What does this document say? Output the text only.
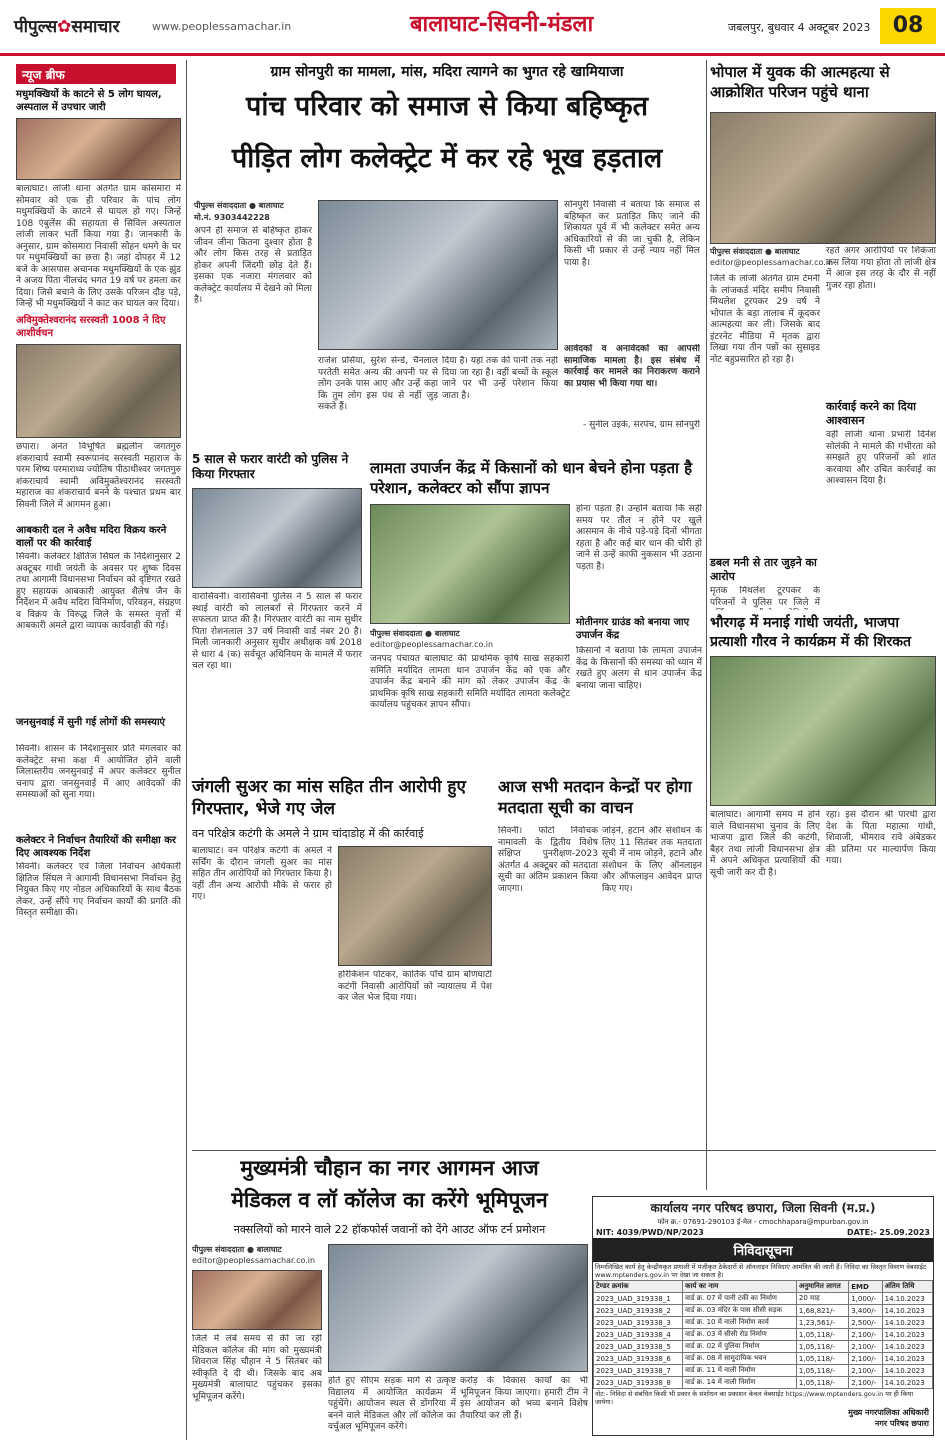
पीपुल्स✿समाचार	www.peoplessamachar.in	बालाघाट-सिवनी-मंडला	जबलपुर, बुधवार 4 अक्टूबर 2023	08
न्यूज ब्रीफ
मधुमक्खियों के काटने से 5 लोग घायल, अस्पताल में उपचार जारी
बालाघाट। लांजी थाना अंतर्गत ग्राम कोसमारा में सोमवार को एक ही परिवार के पांच लोग मधुमक्खियों के काटने से घायल हो गए। जिन्हें 108 एंबुलेंस की सहायता से सिविल अस्पताल लांजी लाकर भर्ती किया गया है। जानकारी के अनुसार, ग्राम कोसमारा निवासी सोहन धमगे के घर पर मधुमक्खियों का छत्ता है। जहां दोपहर में 12 बजे के आसपास अचानक मधुमक्खियों के एक झुंड ने अजय पिता नीलचंद भगत 19 वर्ष पर हमला कर दिया। जिसे बचाने के लिए उसके परिजन दौड़ पड़े, जिन्हें भी मधुमक्खियों ने काट कर घायल कर दिया।
अविमुक्तेश्वरानंद सरस्वती 1008 ने दिए आशीर्वचन
छपारा। अनंत विभूषित ब्रह्मलीन जगतगुरु शंकराचार्य स्वामी स्वरूपानंद सरस्वती महाराज के परम शिष्य परमाराध्य ज्योतिष पीठाधीश्वर जगतगुरु शंकराचार्य स्वामी अविमुक्तेश्वरानंद सरस्वती महाराज का शंकराचार्य बनने के पश्चात प्रथम बार सिवनी जिले में आगमन हुआ।
आबकारी दल ने अवैध मदिरा विक्रय करने वालों पर की कार्रवाई
सिवनी। कलेक्टर क्षितिज सिंघल के निर्देशानुसार 2 अक्टूबर गांधी जयंती के अवसर पर शुष्क दिवस तथा आगामी विधानसभा निर्वाचन को दृष्टिगत रखते हुए सहायक आबकारी आयुक्त शैलेष जैन के निर्देशन में अवैध मदिरा विनिर्माण, परिवहन, संग्रहण व विक्रय के विरुद्ध जिले के समस्त वृत्तों में आबकारी अमले द्वारा व्यापक कार्यवाही की गई।
जनसुनवाई में सुनी गई लोगों की समस्याएं
सिवनी। शासन के निर्देशानुसार प्रति मंगलवार को कलेक्ट्रेट सभा कक्ष में आयोजित होने वाली जिलास्तरीय जनसुनवाई में अपर कलेक्टर सुनील चनाप द्वारा जनसुनवाई में आए आवेदकों की समस्याओं को सुना गया।
कलेक्टर ने निर्वाचन तैयारियों की समीक्षा कर दिए आवश्यक निर्देश
सिवनी। कलेक्टर एवं जिला निर्वाचन अधिकारी क्षितिज सिंघल ने आगामी विधानसभा निर्वाचन हेतु नियुक्त किए गए नोडल अधिकारियों के साथ बैठक लेकर, उन्हें सौंपे गए निर्वाचन कार्यों की प्रगति की विस्तृत समीक्षा की।
ग्राम सोनपुरी का मामला, मांस, मदिरा त्यागने का भुगत रहे खामियाजा
पांच परिवार को समाज से किया बहिष्कृत
पीड़ित लोग कलेक्ट्रेट में कर रहे भूख हड़ताल
पीपुल्स संवाददाता ● बालाघाट
मो.नं. 9303442228
अपने ही समाज से बहिष्कृत होकर जीवन जीना कितना दुश्वार होता है और लोग किस तरह से प्रताड़ित होकर अपनी जिंदगी छोड़ देते हैं। इसका एक नजारा मंगलवार को कलेक्ट्रेट कार्यालय में देखने को मिला है।
राजेश प्रसिया, सुरेश सेन्डे, चैनलाल परतेती समेत अन्य की अपनी पर से लोग उनके पास आए और उन्हें कहा कि तुम लोग इस पंथ से नहीं जुड़ सकते हैं।
दिया है। यहां तक की पानी तक नहीं दिया जा रहा है। वहीं बच्चों के स्कूल जाने पर भी उन्हें परेशान किया जाता है।
सोनपुरी निवासी ने बताया कि समाज से बहिष्कृत कर प्रताड़ित किए जाने की शिकायत पूर्व में भी कलेक्टर समेत अन्य अधिकारियों से की जा चुकी है, लेकिन किसी भी प्रकार से उन्हें न्याय नहीं मिल पाया है।
आवेदकों व अनावेदकों का आपसी सामाजिक मामला है। इस संबंध में कार्रवाई कर मामले का निराकरण कराने का प्रयास भी किया गया था।
- सुनील उइके, सरपंच, ग्राम सोनपुरी
5 साल से फरार वारंटी को पुलिस ने किया गिरफ्तार
वारासिवनी। वारासिवनी पुलिस ने 5 साल से फरार स्थाई वारंटी को लालबर्रा से गिरफ्तार करने में सफलता प्राप्त की है। गिरफ्तार वारंटी का नाम सुधीर पिता रोशनलाल 37 वर्ष निवासी वार्ड नंबर 20 है। मिली जानकारी अनुसार सुधीर अधीक्षक वर्ष 2018 से धारा 4 (क) सर्वचूत अधिनियम के मामले में फरार चल रहा था।
लामता उपार्जन केंद्र में किसानों को धान बेचने होना पड़ता है परेशान, कलेक्टर को सौंपा ज्ञापन
पीपुल्स संवाददाता ● बालाघाट
editor@peoplessamachar.co.in
जनपद पंचायत बालाघाट की प्राथमिक कृषि साख सहकारी समिति मर्यादित लामता धान उपार्जन केंद्र को एक और उपार्जन केंद्र बनाने की मांग को लेकर उपार्जन केंद्र के प्राथमिक कृषि साख सहकारी समिति मर्यादित लामता कलेक्ट्रेट कार्यालय पहुंचकर ज्ञापन सौंपा।
होना पड़ता है। उन्होंने बताया कि सही समय पर तौल न होने पर खुले आसमान के नीचे पड़े-पड़े दिनों भीगता रहता है और कई बार धान की चोरी हो जाने से उन्हें काफी नुकसान भी उठाना पड़ता है।
मोतीनगर ग्राउंड को बनाया जाए उपार्जन केंद्र
किसानों ने बताया कि लामता उपार्जन केंद्र के किसानों की समस्या को ध्यान में रखते हुए अलग से धान उपार्जन केंद्र बनाया जाना चाहिए।
जंगली सुअर का मांस सहित तीन आरोपी हुए गिरफ्तार, भेजे गए जेल
वन परिक्षेत्र कटंगी के अमले ने ग्राम चांदाडोह में की कार्रवाई
बालाघाट। वन परिक्षेत्र कटंगी के अमले ने सर्चिंग के दौरान जंगली सुअर का मांस सहित तीन आरोपियों को गिरफ्तार किया है। वहीं तीन अन्य आरोपी मौके से फरार हो गए।
हरिकिशन पोटकर, कार्तिक पाँचे ग्राम बोणघाटी कटंगी निवासी आरोपियों को न्यायालय में पेश कर जेल भेज दिया गया।
आज सभी मतदान केन्द्रों पर होगा मतदाता सूची का वाचन
सिवनी। फोटो निर्वाचक नामावली के द्वितीय विशेष संक्षिप्त पुनरीक्षण-2023 अंतर्गत 4 अक्टूबर को मतदाता सूची का अंतिम प्रकाशन किया जाएगा।
जोड़ने, हटाने और संशोधन के लिए 11 सितंबर तक मतदाता सूची में नाम जोड़ने, हटाने और संशोधन के लिए ऑनलाइन और ऑफलाइन आवेदन प्राप्त किए गए।
भोपाल में युवक की आत्महत्या से आक्रोशित परिजन पहुंचे थाना
पीपुल्स संवाददाता ● बालाघाट
editor@peoplessamachar.co.in
जिले के लांजी अंतर्गत ग्राम टेमनी के लांजकर्ड मंदिर समीप निवासी मिथलेश टूरपकर 29 वर्ष ने भोपाल के बड़ा तालाब में कूदकर आत्महत्या कर ली। जिसके बाद इंटरनेट मीडिया में मृतक द्वारा लिखा गया तीन पन्नों का सुसाइड नोट बहुप्रसारित हो रहा है।
रहते अगर आरोपियों पर शिकंजा कस लिया गया होता तो लांजी क्षेत्र में आज इस तरह के दौर से नहीं गुजर रहा होता।
कार्रवाई करने का दिया आश्वासन
वहीं लांजी थाना प्रभारी दिनेश सोलंकी ने मामले की गंभीरता को समझते हुए परिजनों को शांत करवाया और उचित कार्रवाई का आश्वासन दिया है।
डबल मनी से तार जुड़ने का आरोप
मृतक मिथलेश टूरपकर के परिजनों ने पुलिस पर जिले में
भौरगढ़ में मनाई गांधी जयंती, भाजपा प्रत्याशी गौरव ने कार्यक्रम में की शिरकत
बालाघाट। आगामी समय में होने वाले विधानसभा चुनाव के लिए भाजपा द्वारा जिले की कटंगी, बैहर तथा लांजी विधानसभा क्षेत्र में अपने अधिकृत प्रत्याशियों की सूची जारी कर दी है।
रहा। इस दौरान श्री पारधी द्वारा देश के पिता महात्मा गांधी, शिवाजी, भीमराव रावे अंबेडकर की प्रतिमा पर माल्यार्पण किया गया।
मुख्यमंत्री चौहान का नगर आगमन आज
मेडिकल व लॉ कॉलेज का करेंगे भूमिपूजन
नक्सलियों को मारने वाले 22 हॉकफोर्स जवानों को देंगे आउट ऑफ टर्न प्रमोशन
पीपुल्स संवाददाता ● बालाघाट
editor@peoplessamachar.co.in
जिले में लंबे समय से की जा रही मेडिकल कॉलेज की मांग को मुख्यमंत्री शिवराज सिंह चौहान ने 5 सितंबर को स्वीकृति दे दी थी। जिसके बाद अब मुख्यमंत्री बालाघाट पहुंचकर इसका भूमिपूजन करेंगे।
होते हुए सीएम सड़क मार्ग से उत्कृष्ट विद्यालय में आयोजित कार्यक्रम में पहुंचेंगे। आयोजन स्थल से डोंगरिया में बनने वाले मेडिकल और लॉ कॉलेज का वर्चुअल भूमिपूजन करेंगे।
करोड़ के विकास कार्यों का भी भूमिपूजन किया जाएगा। हमारी टीम ने इस आयोजन को भव्य बनाने विशेष तैयारियां कर ली हैं।
कार्यालय नगर परिषद छपारा, जिला सिवनी (म.प्र.)
फोन क्र.- 07691-290103 ई-मेल - cmochhapara@mpurban.gov.in
NIT: 4039/PWD/NP/2023	DATE:- 25.09.2023
निविदासूचना
नि‍म्नलिखित कार्य हेतु केन्द्रीयकृत प्रणाली में पंजीकृत ठेकेदारों से ऑनलाइन निविदाएं आमंत्रित की जाती हैं। निविदा का विस्तृत विवरण वेबसाईट www.mptenders.gov.in पर देखा जा सकता है।
टेण्डर क्रमांक	कार्य का नाम	अनुमानित लागत	EMD	अंतिम तिथि
2023_UAD_319338_1	वार्ड क्र. 07 में पानी टंकी का निर्माण	20 माह	1,000/-	14.10.2023
2023_UAD_319338_2	वार्ड क्र. 03 मंदिर के पास सीसी सड़क	1,68,821/-	3,400/-	14.10.2023
2023_UAD_319338_3	वार्ड क्र. 10 में नाली निर्माण कार्य	1,23,561/-	2,500/-	14.10.2023
2023_UAD_319338_4	वार्ड क्र. 03 में सीसी रोड निर्माण	1,05,118/-	2,100/-	14.10.2023
2023_UAD_319338_5	वार्ड क्र. 02 में पुलिया निर्माण	1,05,118/-	2,100/-	14.10.2023
2023_UAD_319338_6	वार्ड क्र. 08 में सामुदायिक भवन	1,05,118/-	2,100/-	14.10.2023
2023_UAD_319338_7	वार्ड क्र. 11 में नाली निर्माण	1,05,118/-	2,100/-	14.10.2023
2023_UAD_319338_8	वार्ड क्र. 14 में नाली निर्माण	1,05,118/-	2,100/-	14.10.2023
नोट:- निविदा से संबंधित किसी भी प्रकार के संशोधन का प्रकाशन केवल वेबसाईट https://www.mptenders.gov.in पर ही किया जायेगा।
मुख्य नगरपालिका अधिकारी
नगर परिषद छपारा
